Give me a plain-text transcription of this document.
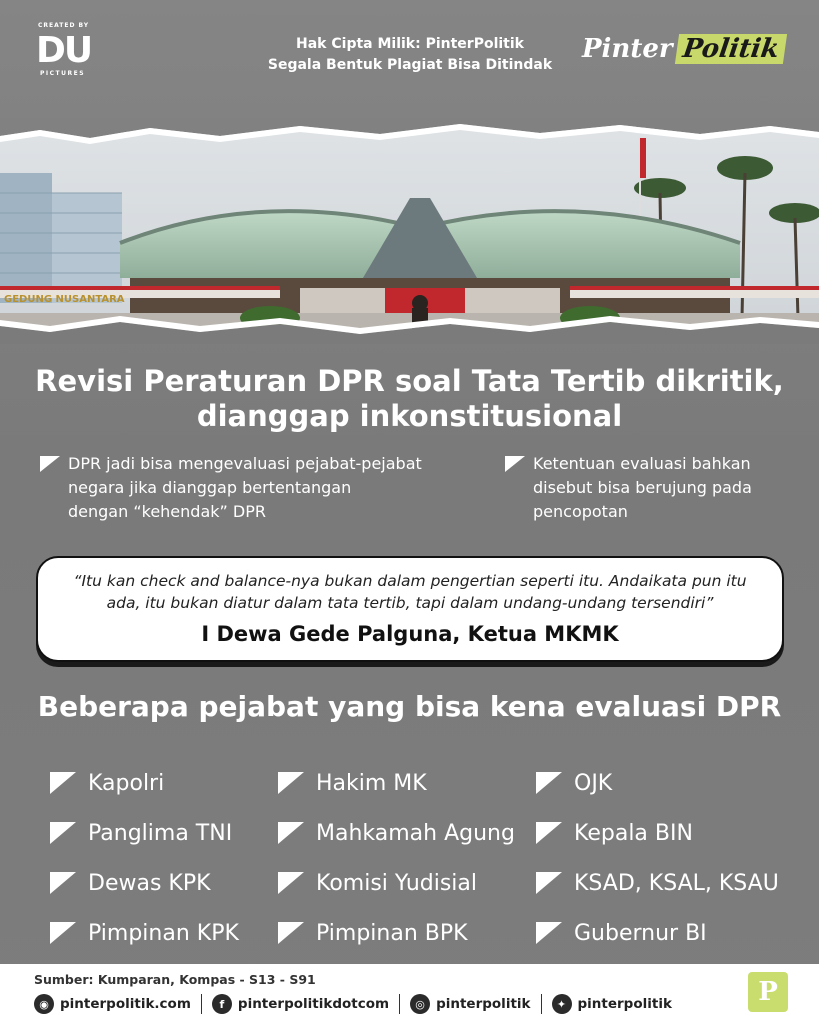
CREATED BY
DU
PICTURES
Hak Cipta Milik: PinterPolitik
Segala Bentuk Plagiat Bisa Ditindak
Pinter Politik
GEDUNG NUSANTARA
Revisi Peraturan DPR soal Tata Tertib dikritik,
dianggap inkonstitusional
DPR jadi bisa mengevaluasi pejabat-pejabat
negara jika dianggap bertentangan
dengan “kehendak” DPR
Ketentuan evaluasi bahkan
disebut bisa berujung pada
pencopotan
“Itu kan check and balance-nya bukan dalam pengertian seperti itu. Andaikata pun itu
ada, itu bukan diatur dalam tata tertib, tapi dalam undang-undang tersendiri”
I Dewa Gede Palguna, Ketua MKMK
Beberapa pejabat yang bisa kena evaluasi DPR
Kapolri	Hakim MK	OJK
Panglima TNI	Mahkamah Agung	Kepala BIN
Dewas KPK	Komisi Yudisial	KSAD, KSAL, KSAU
Pimpinan KPK	Pimpinan BPK	Gubernur BI
Sumber: Kumparan, Kompas - S13 - S91
◉ pinterpolitik.com	f	pinterpolitikdotcom	◎ pinterpolitik	✦ pinterpolitik	P
